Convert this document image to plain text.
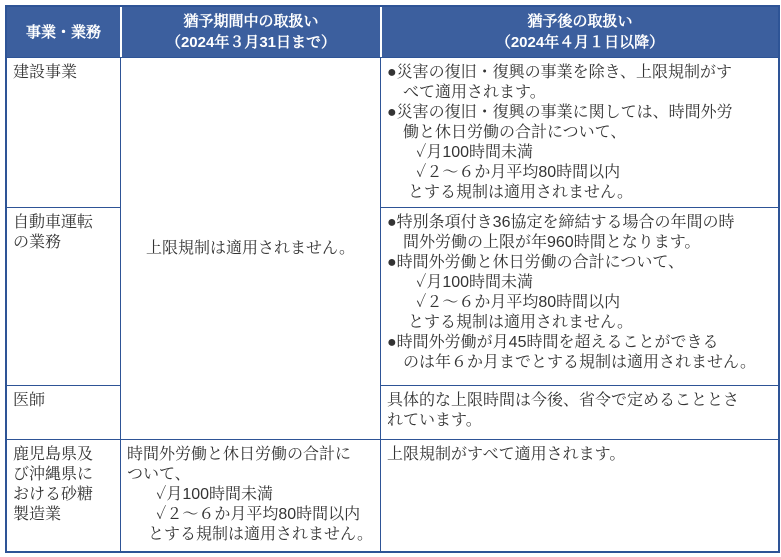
事業・業務
猶予期間中の取扱い
（2024年３月31日まで）
猶予後の取扱い
（2024年４月１日以降）
建設事業
上限規制は適用されません。
●災害の復旧・復興の事業を除き、上限規制がす
べて適用されます。
●災害の復旧・復興の事業に関しては、時間外労
働と休日労働の合計について、
✓月100時間未満
✓２～６か月平均80時間以内
とする規制は適用されません。
自動車運転
の業務
●特別条項付き36協定を締結する場合の年間の時
間外労働の上限が年960時間となります。
●時間外労働と休日労働の合計について、
✓月100時間未満
✓２～６か月平均80時間以内
とする規制は適用されません。
●時間外労働が月45時間を超えることができる
のは年６か月までとする規制は適用されません。
医師	具体的な上限時間は今後、省令で定めることとさ
れています。
鹿児島県及
び沖縄県に
おける砂糖
製造業
時間外労働と休日労働の合計に
ついて、
✓月100時間未満
✓２～６か月平均80時間以内
とする規制は適用されません。
上限規制がすべて適用されます。
